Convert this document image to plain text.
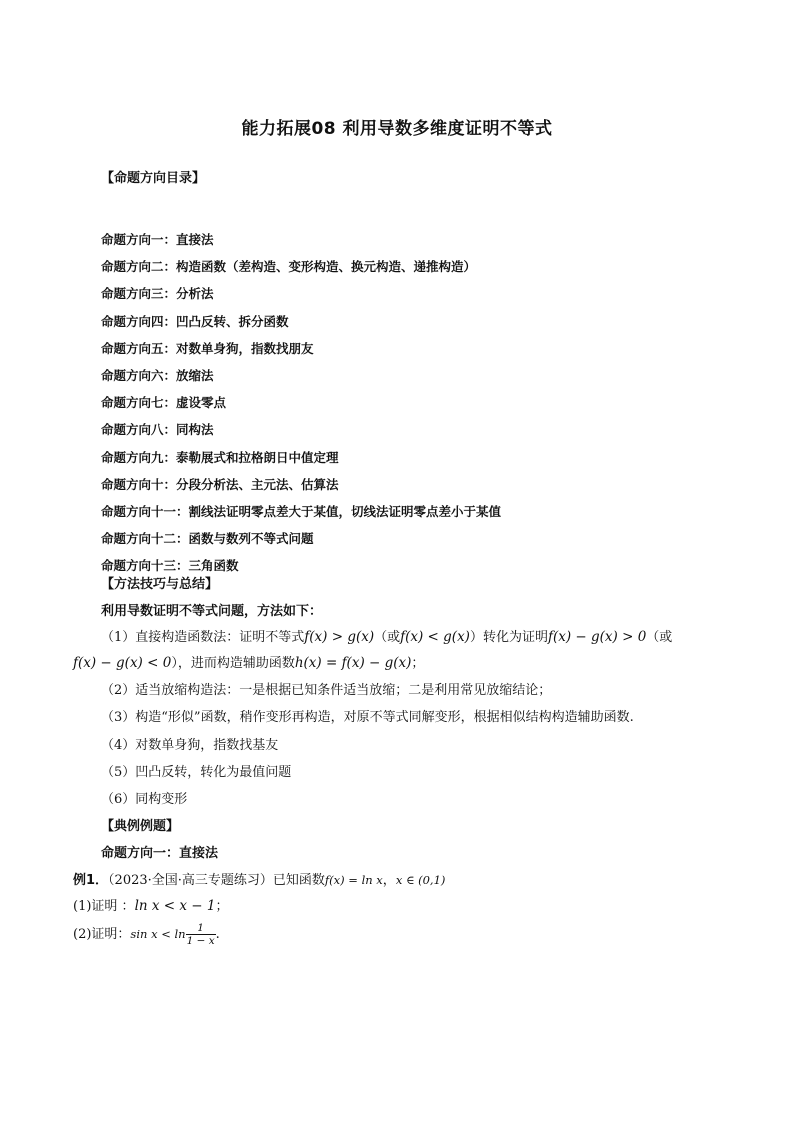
能力拓展08 利用导数多维度证明不等式
【命题方向目录】
命题方向一：直接法
命题方向二：构造函数（差构造、变形构造、换元构造、递推构造）
命题方向三：分析法
命题方向四：凹凸反转、拆分函数
命题方向五：对数单身狗，指数找朋友
命题方向六：放缩法
命题方向七：虚设零点
命题方向八：同构法
命题方向九：泰勒展式和拉格朗日中值定理
命题方向十：分段分析法、主元法、估算法
命题方向十一：割线法证明零点差大于某值，切线法证明零点差小于某值
命题方向十二：函数与数列不等式问题
命题方向十三：三角函数
【方法技巧与总结】
利用导数证明不等式问题，方法如下：
（1）直接构造函数法：证明不等式f(x) > g(x)（或f(x) < g(x)）转化为证明f(x) − g(x) > 0（或
f(x) − g(x) < 0），进而构造辅助函数h(x) = f(x) − g(x)；
（2）适当放缩构造法：一是根据已知条件适当放缩；二是利用常见放缩结论；
（3）构造“形似”函数，稍作变形再构造，对原不等式同解变形，根据相似结构构造辅助函数.
（4）对数单身狗，指数找基友
（5）凹凸反转，转化为最值问题
（6）同构变形
【典例例题】
命题方向一：直接法
例1．（2023·全国·高三专题练习）已知函数f(x) = ln x，x ∈ (0,1)
(1)证明 ：ln x < x − 1；
(2)证明：$\sin x < \ln \frac{1}{1 - x}$ .
